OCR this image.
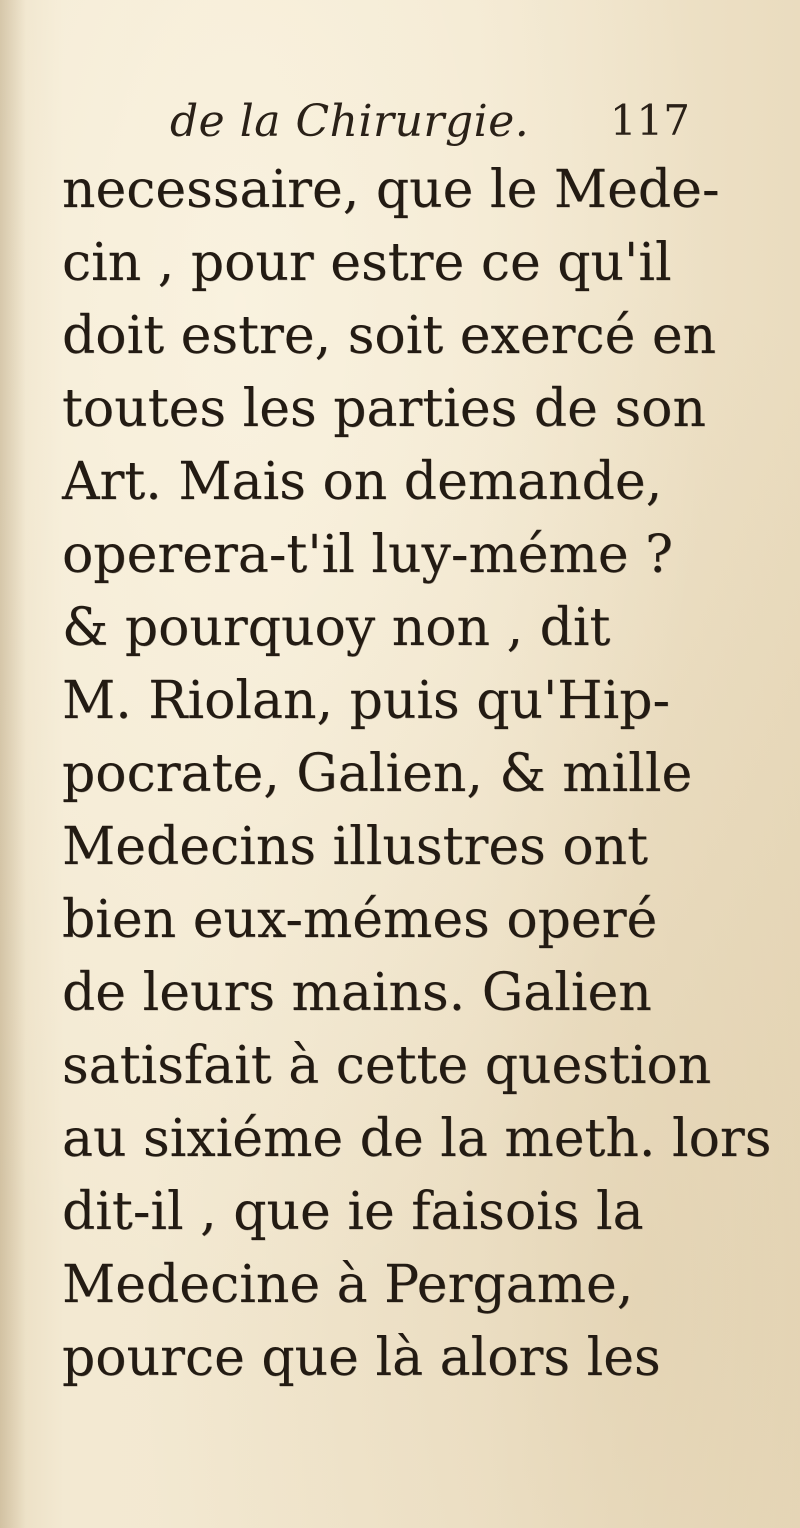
de la Chirurgie. 117
necessaire, que le Mede-
cin , pour estre ce qu'il
doit estre, soit exercé en
toutes les parties de son
Art. Mais on demande,
operera-t'il luy-méme ?
& pourquoy non , dit
M. Riolan, puis qu'Hip-
pocrate, Galien, & mille
Medecins illustres ont
bien eux-mémes operé
de leurs mains. Galien
satisfait à cette question
au sixiéme de la meth. lors
dit-il , que ie faisois la
Medecine à Pergame,
pource que là alors les
